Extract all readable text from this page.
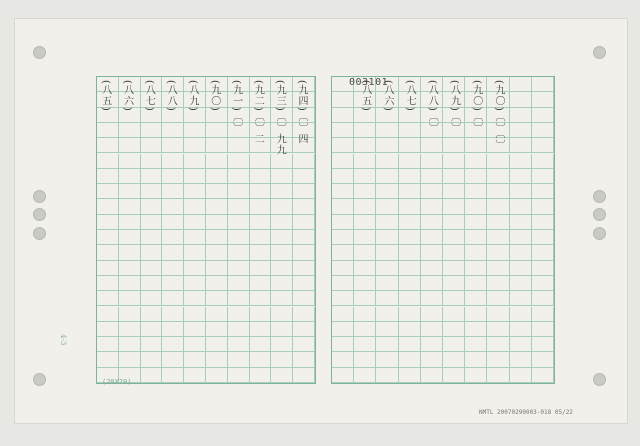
003101
(九四)〔〕四
(九三)〔〕九九
(九二)〔〕二
(九一)〔〕
(九〇)
(八九)
(八八)
(八七)
(八六)
(八五)	(九〇)〔〕〔〕
(九〇)〔〕
(八九)〔〕
(八八)〔〕
(八七)
(八六)
(八五)
(20X20)
4-3
NMTL 20070290003-018 05/22
